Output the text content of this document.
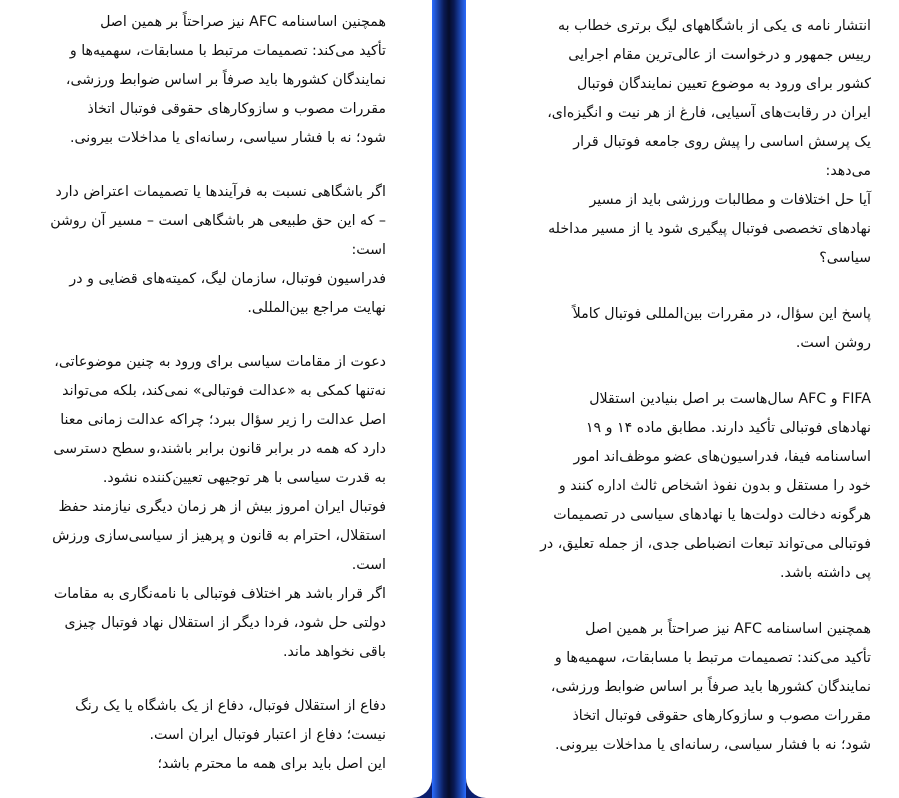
همچنین اساسنامه AFC نیز صراحتاً بر همین اصل
تأکید می‌کند: تصمیمات مرتبط با مسابقات، سهمیه‌ها و
نمایندگان کشورها باید صرفاً بر اساس ضوابط ورزشی،
مقررات مصوب و سازوکارهای حقوقی فوتبال اتخاذ
شود؛ نه با فشار سیاسی، رسانه‌ای یا مداخلات بیرونی.

اگر باشگاهی نسبت به فرآیندها یا تصمیمات اعتراض دارد
– که این حق طبیعی هر باشگاهی است – مسیر آن روشن
است:
فدراسیون فوتبال، سازمان لیگ، کمیته‌های قضایی و در
نهایت مراجع بین‌المللی.

دعوت از مقامات سیاسی برای ورود به چنین موضوعاتی،
نه‌تنها کمکی به «عدالت فوتبالی» نمی‌کند، بلکه می‌تواند
اصل عدالت را زیر سؤال ببرد؛ چراکه عدالت زمانی معنا
دارد که همه در برابر قانون برابر باشند،و سطح دسترسی
به قدرت سیاسی با هر توجیهی تعیین‌کننده نشود.
فوتبال ایران امروز بیش از هر زمان دیگری نیازمند حفظ
استقلال، احترام به قانون و پرهیز از سیاسی‌سازی ورزش
است.
اگر قرار باشد هر اختلاف فوتبالی با نامه‌نگاری به مقامات
دولتی حل شود، فردا دیگر از استقلال نهاد فوتبال چیزی
باقی نخواهد ماند.

دفاع از استقلال فوتبال، دفاع از یک باشگاه یا یک رنگ
نیست؛ دفاع از اعتبار فوتبال ایران است.
این اصل باید برای همه ما محترم باشد؛

انتشار نامه ی یکی از باشگاههای لیگ برتری خطاب به
رییس جمهور و درخواست از عالی‌ترین مقام اجرایی
کشور برای ورود به موضوع تعیین نمایندگان فوتبال
ایران در رقابت‌های آسیایی، فارغ از هر نیت و انگیزه‌ای،
یک پرسش اساسی را پیش روی جامعه فوتبال قرار
می‌دهد:
آیا حل اختلافات و مطالبات ورزشی باید از مسیر
نهادهای تخصصی فوتبال پیگیری شود یا از مسیر مداخله
سیاسی؟

پاسخ این سؤال، در مقررات بین‌المللی فوتبال کاملاً
روشن است.

FIFA و AFC سال‌هاست بر اصل بنیادین استقلال
نهادهای فوتبالی تأکید دارند. مطابق ماده ۱۴ و ۱۹
اساسنامه فیفا، فدراسیون‌های عضو موظف‌اند امور
خود را مستقل و بدون نفوذ اشخاص ثالث اداره کنند و
هرگونه دخالت دولت‌ها یا نهادهای سیاسی در تصمیمات
فوتبالی می‌تواند تبعات انضباطی جدی، از جمله تعلیق، در
پی داشته باشد.

همچنین اساسنامه AFC نیز صراحتاً بر همین اصل
تأکید می‌کند: تصمیمات مرتبط با مسابقات، سهمیه‌ها و
نمایندگان کشورها باید صرفاً بر اساس ضوابط ورزشی،
مقررات مصوب و سازوکارهای حقوقی فوتبال اتخاذ
شود؛ نه با فشار سیاسی، رسانه‌ای یا مداخلات بیرونی.
